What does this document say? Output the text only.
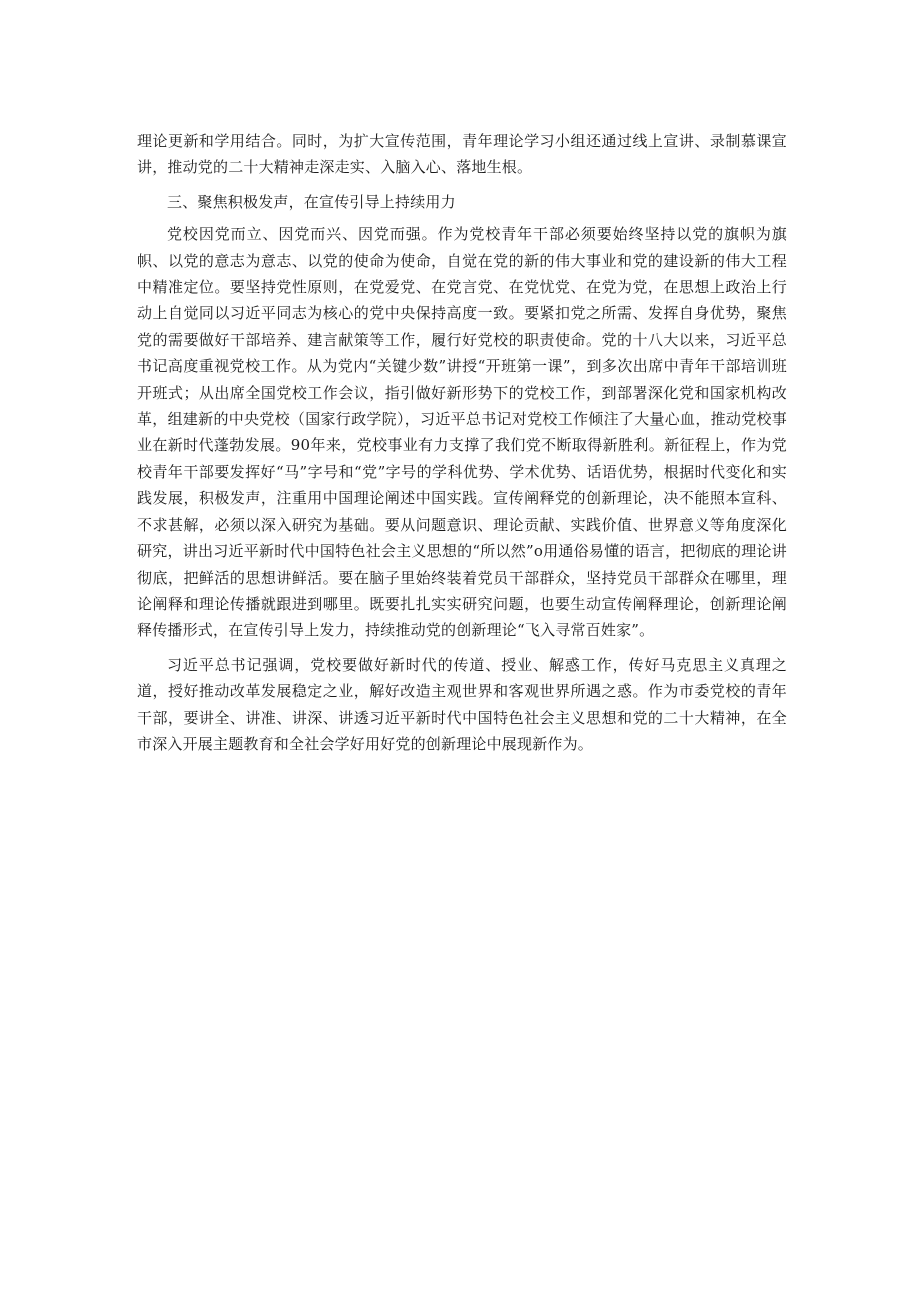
理论更新和学用结合。同时，为扩大宣传范围，青年理论学习小组还通过线上宣讲、录制慕课宣讲，推动党的二十大精神走深走实、入脑入心、落地生根。

三、聚焦积极发声，在宣传引导上持续用力

党校因党而立、因党而兴、因党而强。作为党校青年干部必须要始终坚持以党的旗帜为旗帜、以党的意志为意志、以党的使命为使命，自觉在党的新的伟大事业和党的建设新的伟大工程中精准定位。要坚持党性原则，在党爱党、在党言党、在党忧党、在党为党，在思想上政治上行动上自觉同以习近平同志为核心的党中央保持高度一致。要紧扣党之所需、发挥自身优势，聚焦党的需要做好干部培养、建言献策等工作，履行好党校的职责使命。党的十八大以来，习近平总书记高度重视党校工作。从为党内“关键少数”讲授“开班第一课”，到多次出席中青年干部培训班开班式；从出席全国党校工作会议，指引做好新形势下的党校工作，到部署深化党和国家机构改革，组建新的中央党校（国家行政学院），习近平总书记对党校工作倾注了大量心血，推动党校事业在新时代蓬勃发展。90年来，党校事业有力支撑了我们党不断取得新胜利。新征程上，作为党校青年干部要发挥好“马”字号和“党”字号的学科优势、学术优势、话语优势，根据时代变化和实践发展，积极发声，注重用中国理论阐述中国实践。宣传阐释党的创新理论，决不能照本宣科、不求甚解，必须以深入研究为基础。要从问题意识、理论贡献、实践价值、世界意义等角度深化研究，讲出习近平新时代中国特色社会主义思想的“所以然”o用通俗易懂的语言，把彻底的理论讲彻底，把鲜活的思想讲鲜活。要在脑子里始终装着党员干部群众，坚持党员干部群众在哪里，理论阐释和理论传播就跟进到哪里。既要扎扎实实研究问题，也要生动宣传阐释理论，创新理论阐释传播形式，在宣传引导上发力，持续推动党的创新理论“飞入寻常百姓家”。

习近平总书记强调，党校要做好新时代的传道、授业、解惑工作，传好马克思主义真理之道，授好推动改革发展稳定之业，解好改造主观世界和客观世界所遇之惑。作为市委党校的青年干部，要讲全、讲准、讲深、讲透习近平新时代中国特色社会主义思想和党的二十大精神，在全市深入开展主题教育和全社会学好用好党的创新理论中展现新作为。
